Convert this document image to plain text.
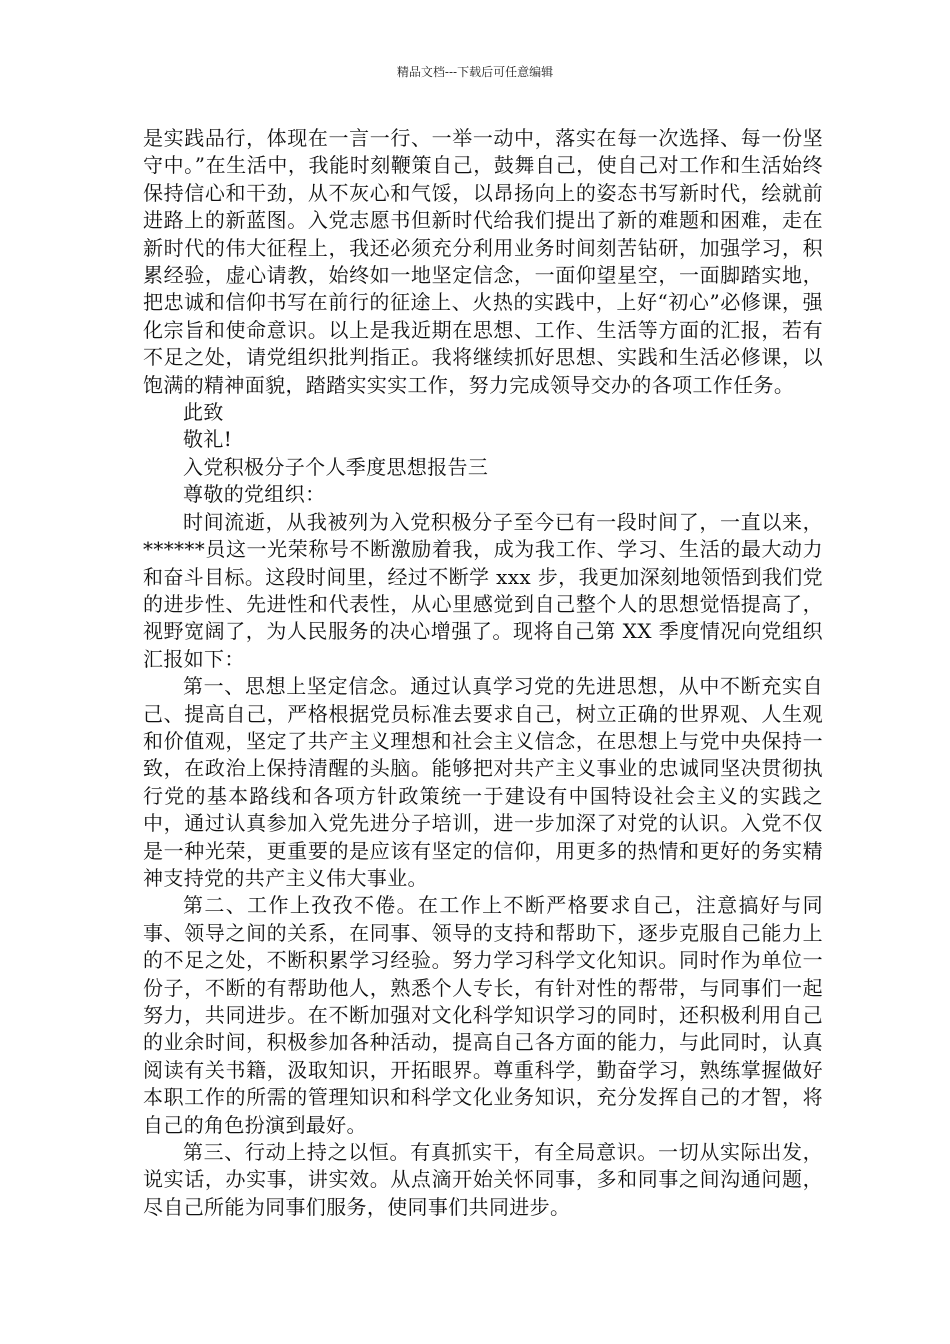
精品文档---下载后可任意编辑

是实践品行，体现在一言一行、一举一动中，落实在每一次选择、每一份坚守中。”在生活中，我能时刻鞭策自己，鼓舞自己，使自己对工作和生活始终保持信心和干劲，从不灰心和气馁，以昂扬向上的姿态书写新时代，绘就前进路上的新蓝图。入党志愿书但新时代给我们提出了新的难题和困难，走在新时代的伟大征程上，我还必须充分利用业务时间刻苦钻研，加强学习，积累经验，虚心请教，始终如一地坚定信念，一面仰望星空，一面脚踏实地，把忠诚和信仰书写在前行的征途上、火热的实践中，上好“初心”必修课，强化宗旨和使命意识。以上是我近期在思想、工作、生活等方面的汇报，若有不足之处，请党组织批判指正。我将继续抓好思想、实践和生活必修课，以饱满的精神面貌，踏踏实实实工作，努力完成领导交办的各项工作任务。

此致

敬礼!

入党积极分子个人季度思想报告三

尊敬的党组织：

时间流逝，从我被列为入党积极分子至今已有一段时间了，一直以来，******员这一光荣称号不断激励着我，成为我工作、学习、生活的最大动力和奋斗目标。这段时间里，经过不断学 xxx 步，我更加深刻地领悟到我们党的进步性、先进性和代表性，从心里感觉到自己整个人的思想觉悟提高了，视野宽阔了，为人民服务的决心增强了。现将自己第 XX 季度情况向党组织汇报如下：

第一、思想上坚定信念。通过认真学习党的先进思想，从中不断充实自己、提高自己，严格根据党员标准去要求自己，树立正确的世界观、人生观和价值观，坚定了共产主义理想和社会主义信念，在思想上与党中央保持一致，在政治上保持清醒的头脑。能够把对共产主义事业的忠诚同坚决贯彻执行党的基本路线和各项方针政策统一于建设有中国特设社会主义的实践之中，通过认真参加入党先进分子培训，进一步加深了对党的认识。入党不仅是一种光荣，更重要的是应该有坚定的信仰，用更多的热情和更好的务实精神支持党的共产主义伟大事业。

第二、工作上孜孜不倦。在工作上不断严格要求自己，注意搞好与同事、领导之间的关系，在同事、领导的支持和帮助下，逐步克服自己能力上的不足之处，不断积累学习经验。努力学习科学文化知识。同时作为单位一份子，不断的有帮助他人，熟悉个人专长，有针对性的帮带，与同事们一起努力，共同进步。在不断加强对文化科学知识学习的同时，还积极利用自己的业余时间，积极参加各种活动，提高自己各方面的能力，与此同时，认真阅读有关书籍，汲取知识，开拓眼界。尊重科学，勤奋学习，熟练掌握做好本职工作的所需的管理知识和科学文化业务知识，充分发挥自己的才智，将自己的角色扮演到最好。

第三、行动上持之以恒。有真抓实干，有全局意识。一切从实际出发，说实话，办实事，讲实效。从点滴开始关怀同事，多和同事之间沟通问题，尽自己所能为同事们服务，使同事们共同进步。
